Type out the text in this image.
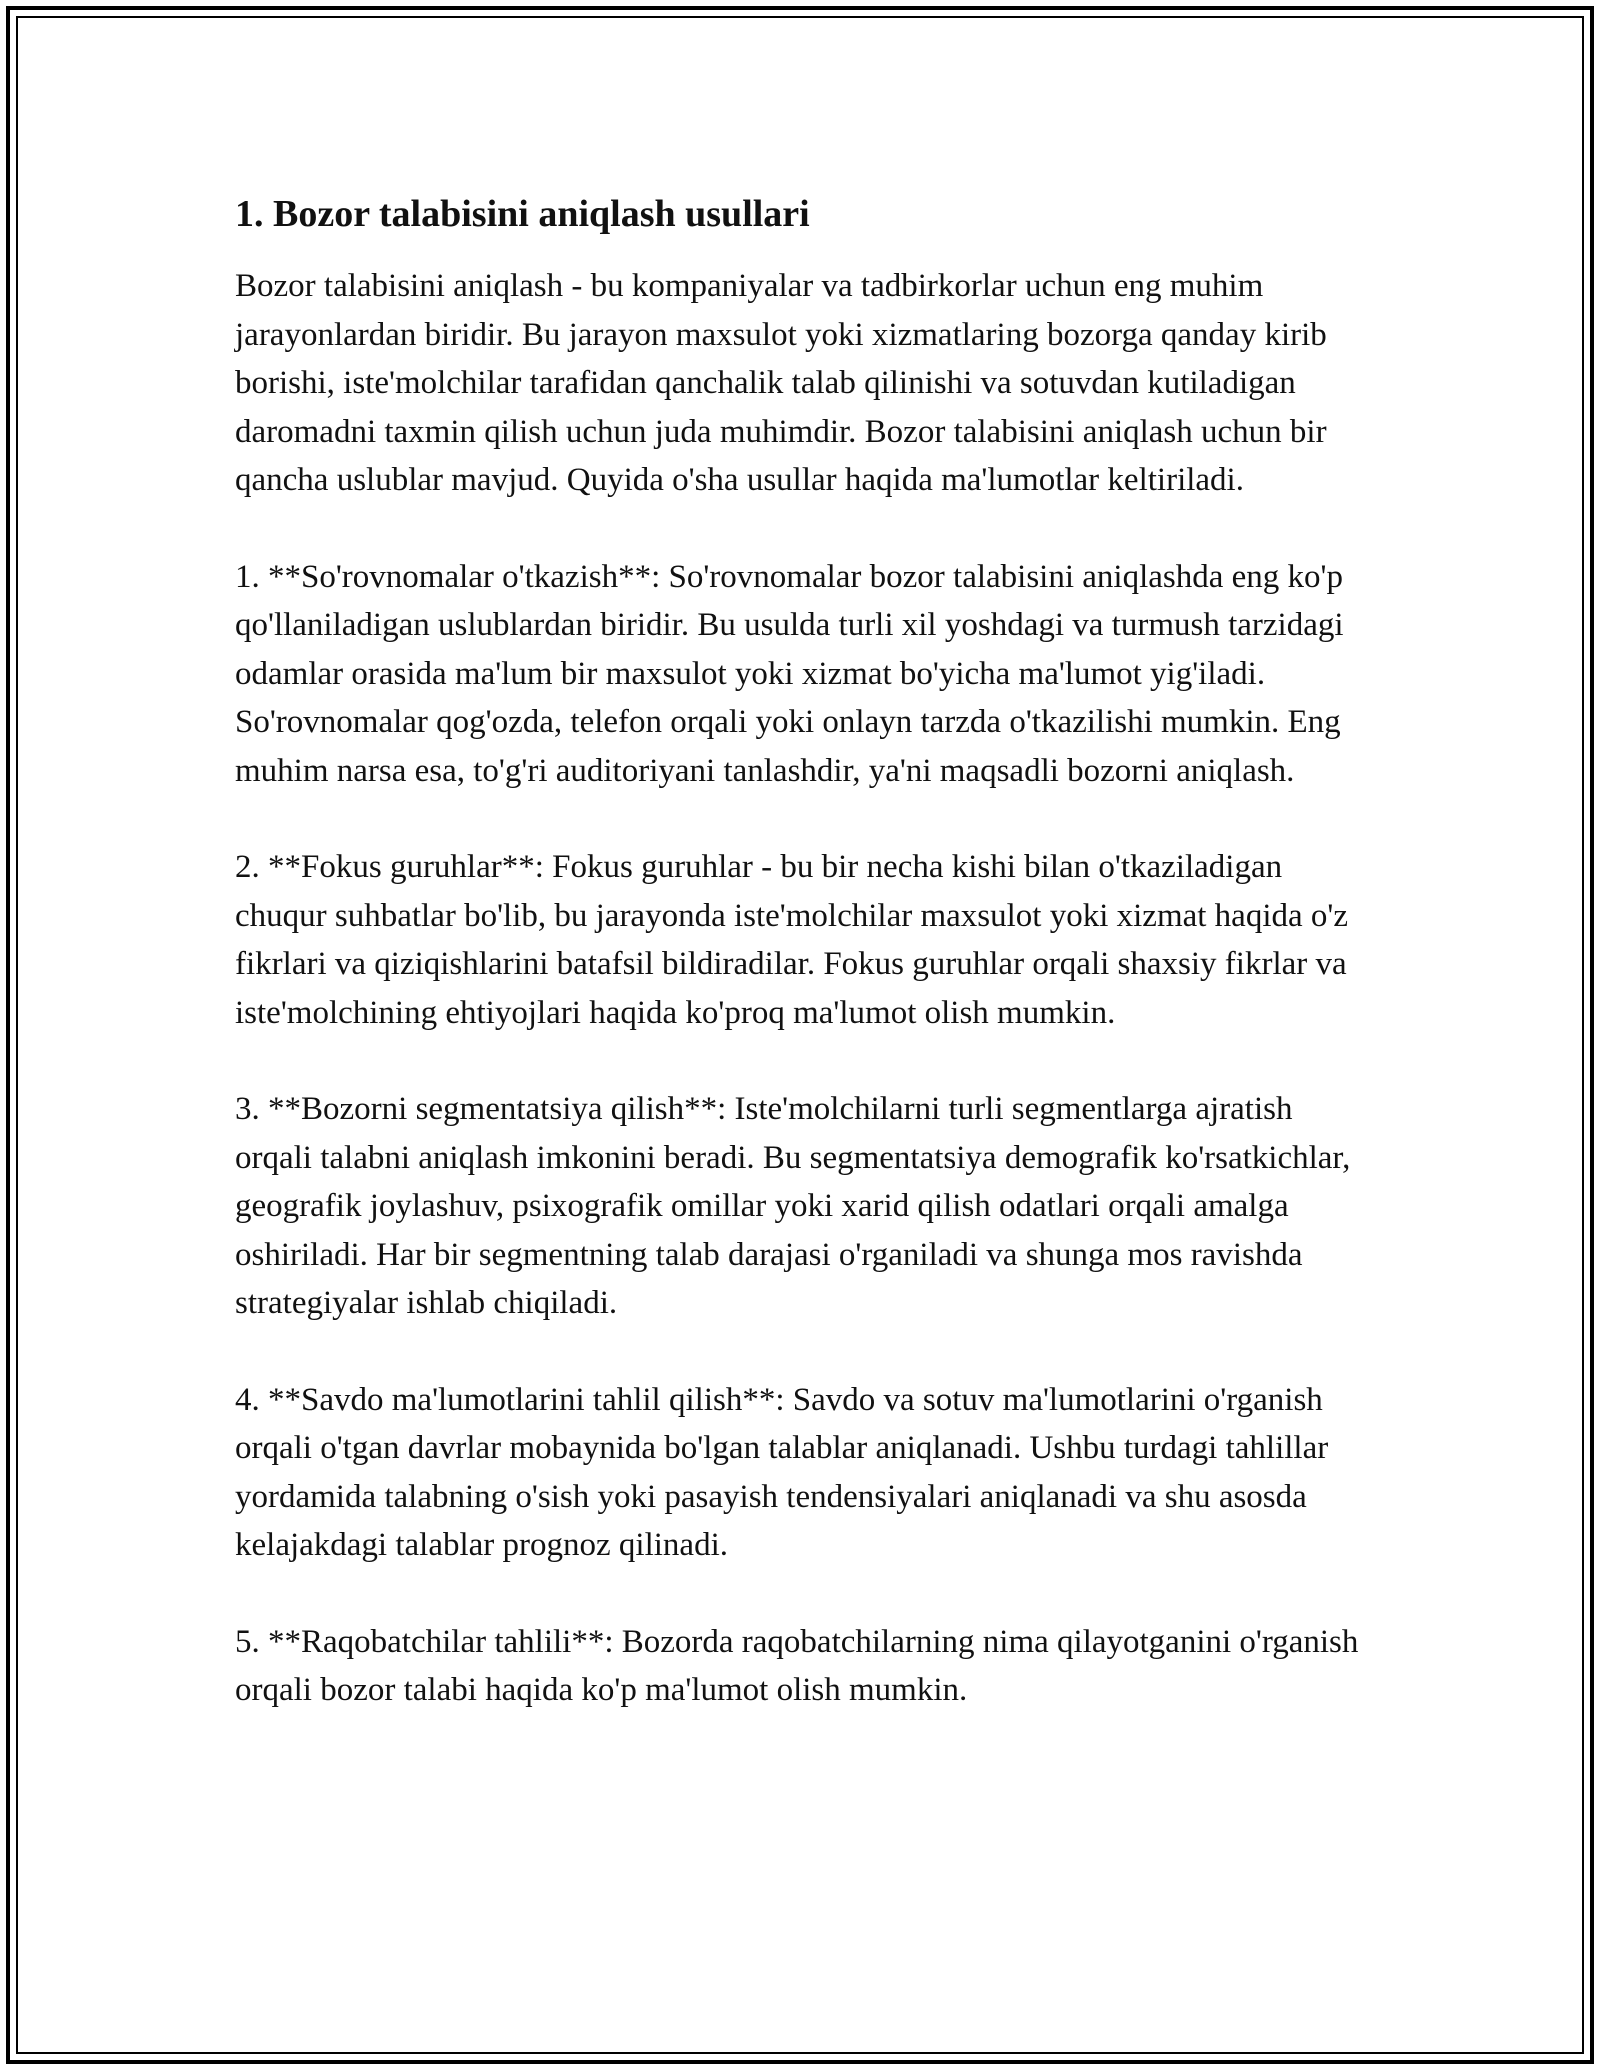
1. Bozor talabisini aniqlash usullari

Bozor talabisini aniqlash - bu kompaniyalar va tadbirkorlar uchun eng muhim jarayonlardan biridir. Bu jarayon maxsulot yoki xizmatlaring bozorga qanday kirib borishi, iste'molchilar tarafidan qanchalik talab qilinishi va sotuvdan kutiladigan daromadni taxmin qilish uchun juda muhimdir. Bozor talabisini aniqlash uchun bir qancha uslublar mavjud. Quyida o'sha usullar haqida ma'lumotlar keltiriladi.

1. **So'rovnomalar o'tkazish**: So'rovnomalar bozor talabisini aniqlashda eng ko'p qo'llaniladigan uslublardan biridir. Bu usulda turli xil yoshdagi va turmush tarzidagi odamlar orasida ma'lum bir maxsulot yoki xizmat bo'yicha ma'lumot yig'iladi. So'rovnomalar qog'ozda, telefon orqali yoki onlayn tarzda o'tkazilishi mumkin. Eng muhim narsa esa, to'g'ri auditoriyani tanlashdir, ya'ni maqsadli bozorni aniqlash.

2. **Fokus guruhlar**: Fokus guruhlar - bu bir necha kishi bilan o'tkaziladigan chuqur suhbatlar bo'lib, bu jarayonda iste'molchilar maxsulot yoki xizmat haqida o'z fikrlari va qiziqishlarini batafsil bildiradilar. Fokus guruhlar orqali shaxsiy fikrlar va iste'molchining ehtiyojlari haqida ko'proq ma'lumot olish mumkin.

3. **Bozorni segmentatsiya qilish**: Iste'molchilarni turli segmentlarga ajratish orqali talabni aniqlash imkonini beradi. Bu segmentatsiya demografik ko'rsatkichlar, geografik joylashuv, psixografik omillar yoki xarid qilish odatlari orqali amalga oshiriladi. Har bir segmentning talab darajasi o'rganiladi va shunga mos ravishda strategiyalar ishlab chiqiladi.

4. **Savdo ma'lumotlarini tahlil qilish**: Savdo va sotuv ma'lumotlarini o'rganish orqali o'tgan davrlar mobaynida bo'lgan talablar aniqlanadi. Ushbu turdagi tahlillar yordamida talabning o'sish yoki pasayish tendensiyalari aniqlanadi va shu asosda kelajakdagi talablar prognoz qilinadi.

5. **Raqobatchilar tahlili**: Bozorda raqobatchilarning nima qilayotganini o'rganish orqali bozor talabi haqida ko'p ma'lumot olish mumkin.
